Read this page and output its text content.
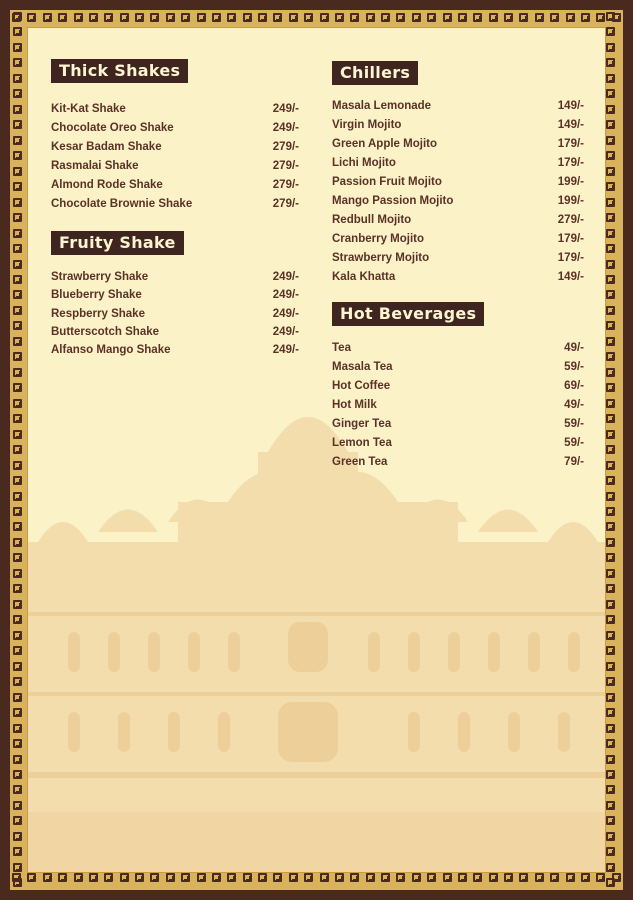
Thick Shakes
Kit-Kat Shake	249/-
Chocolate Oreo Shake	249/-
Kesar Badam Shake	279/-
Rasmalai Shake	279/-
Almond Rode Shake	279/-
Chocolate Brownie Shake	279/-
Fruity Shake
Strawberry Shake	249/-
Blueberry Shake	249/-
Respberry Shake	249/-
Butterscotch Shake	249/-
Alfanso Mango Shake	249/-
Chillers
Masala Lemonade	149/-
Virgin Mojito	149/-
Green Apple Mojito	179/-
Lichi Mojito	179/-
Passion Fruit Mojito	199/-
Mango Passion Mojito	199/-
Redbull Mojito	279/-
Cranberry Mojito	179/-
Strawberry Mojito	179/-
Kala Khatta	149/-
Hot Beverages
Tea	49/-
Masala Tea	59/-
Hot Coffee	69/-
Hot Milk	49/-
Ginger Tea	59/-
Lemon Tea	59/-
Green Tea	79/-
